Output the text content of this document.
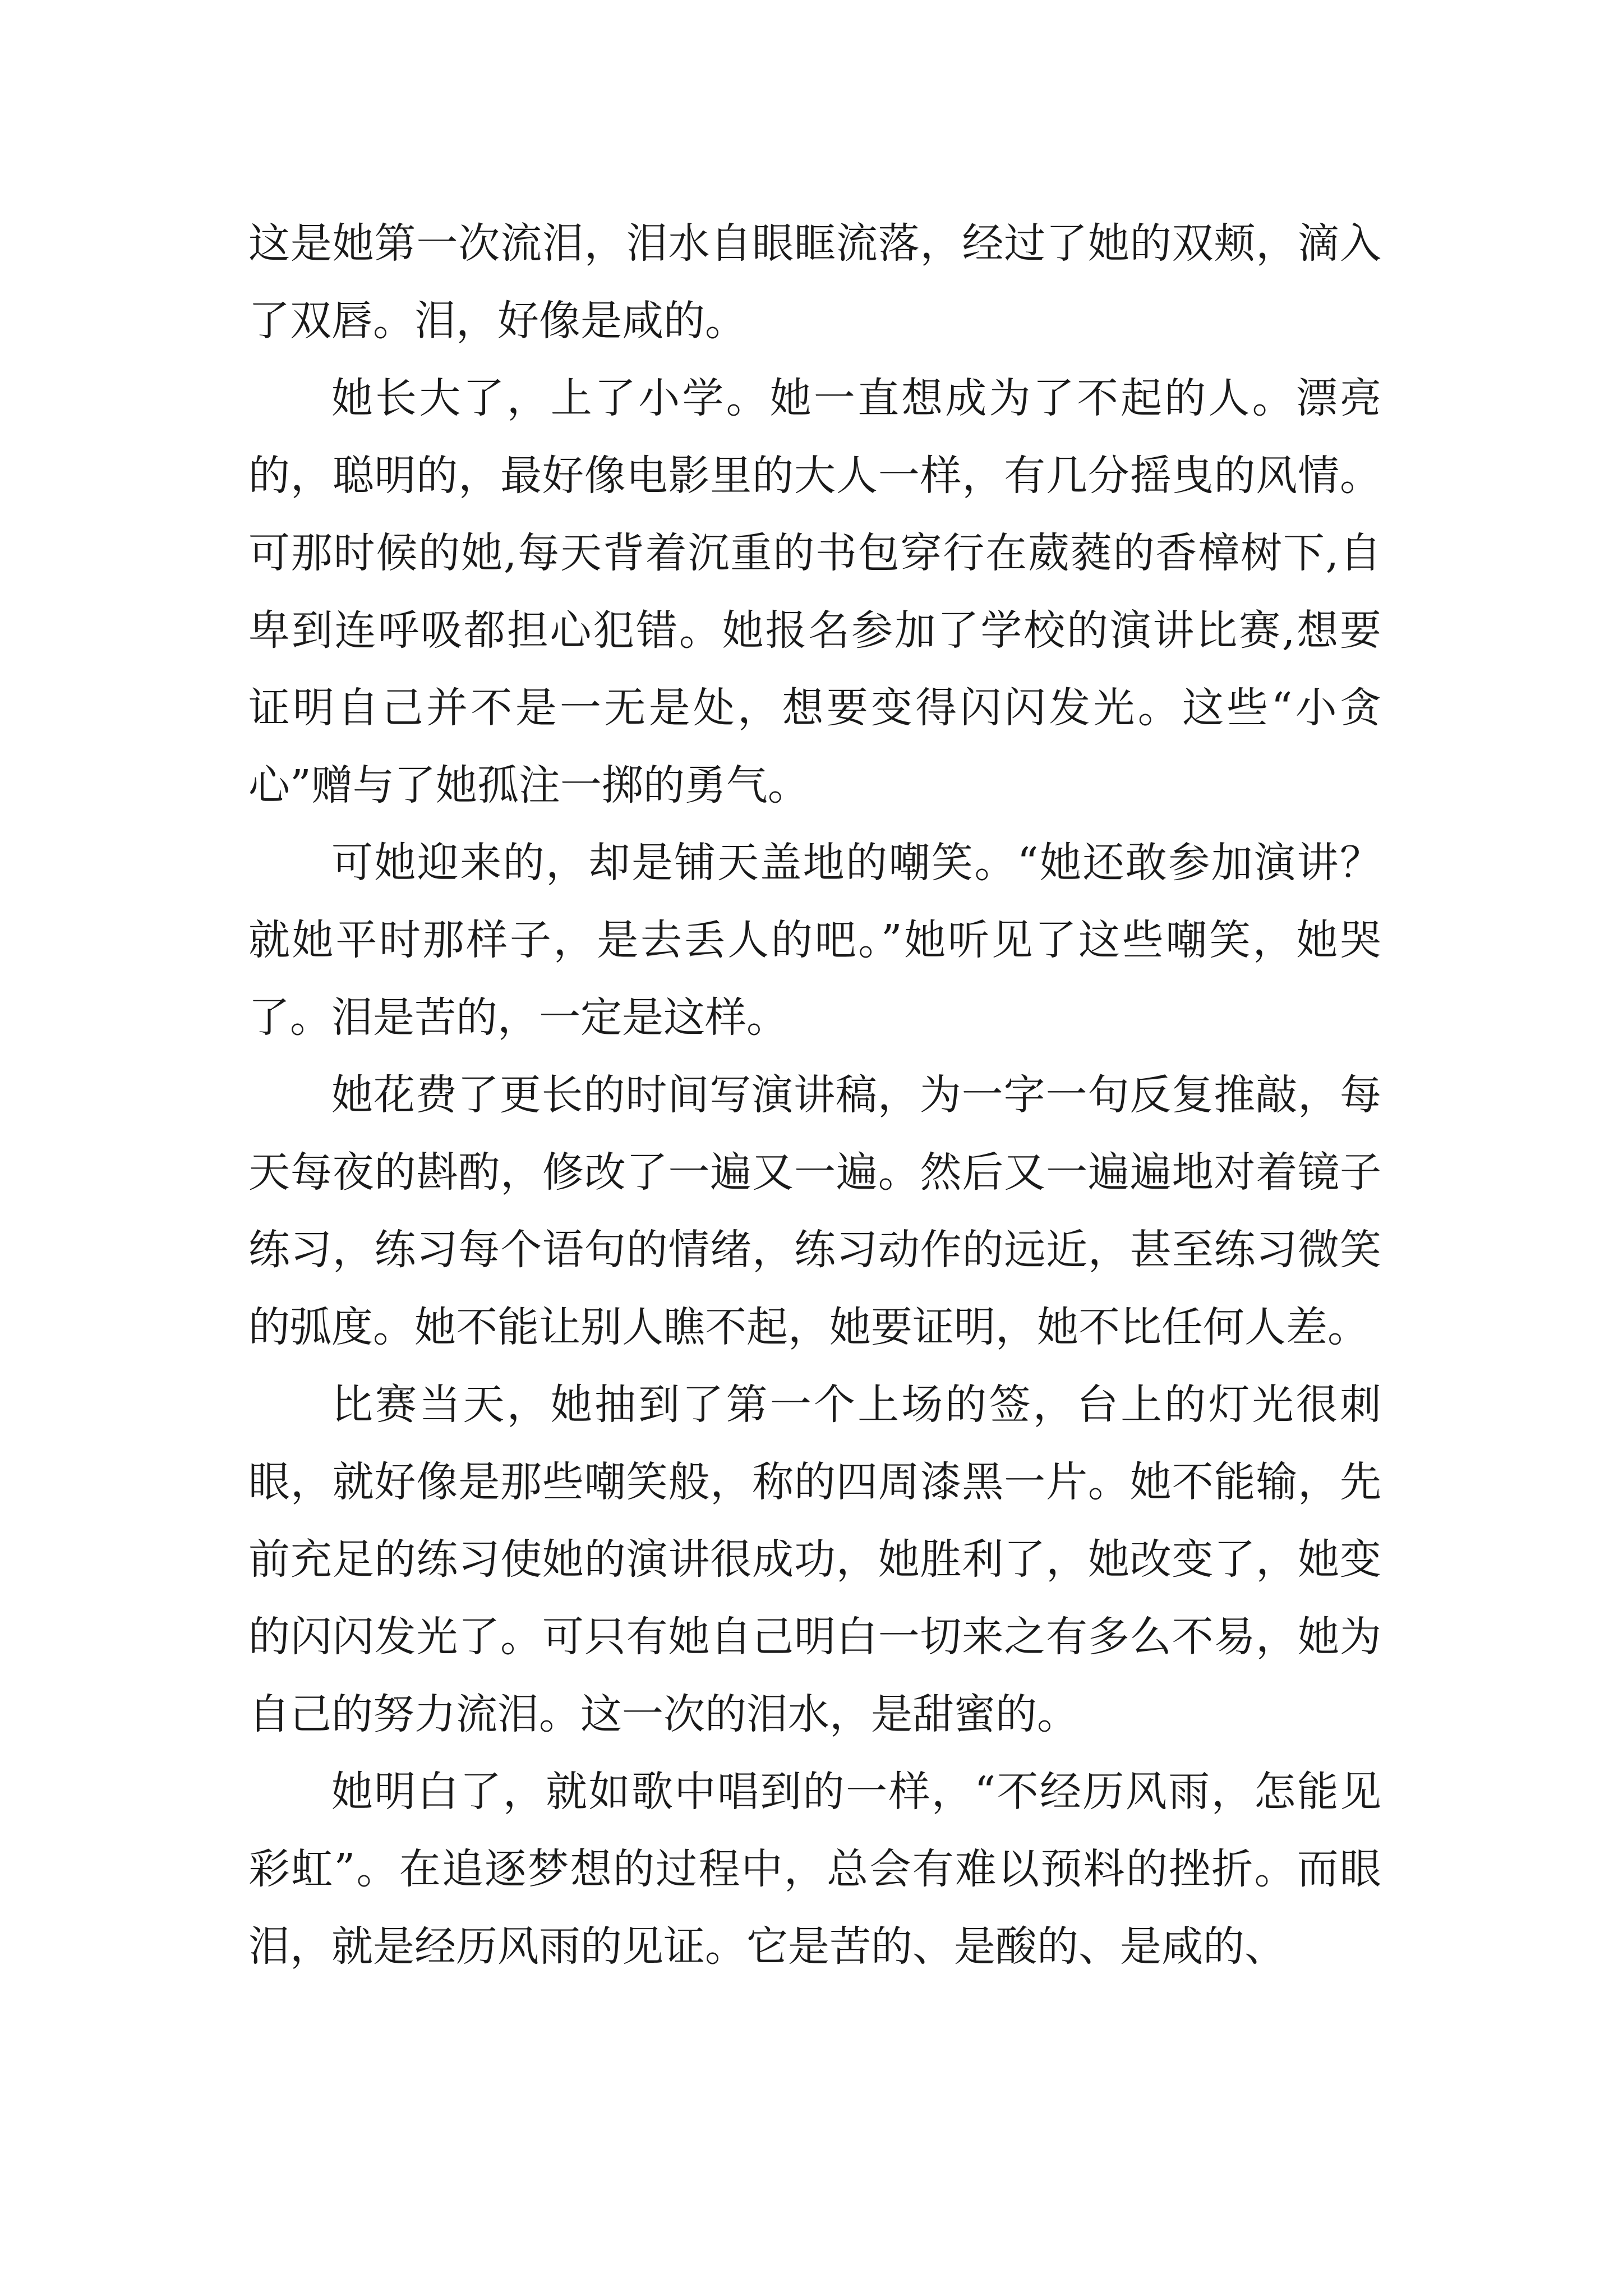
这是她第一次流泪，泪水自眼眶流落，经过了她的双颊，滴入了双唇。泪，好像是咸的。

她长大了，上了小学。她一直想成为了不起的人。漂亮的，聪明的，最好像电影里的大人一样，有几分摇曳的风情。可那时候的她,每天背着沉重的书包穿行在葳蕤的香樟树下,自卑到连呼吸都担心犯错。她报名参加了学校的演讲比赛,想要证明自己并不是一无是处，想要变得闪闪发光。这些“小贪心”赠与了她孤注一掷的勇气。

可她迎来的，却是铺天盖地的嘲笑。“她还敢参加演讲？就她平时那样子，是去丢人的吧。”她听见了这些嘲笑，她哭了。泪是苦的，一定是这样。

她花费了更长的时间写演讲稿，为一字一句反复推敲，每天每夜的斟酌，修改了一遍又一遍。然后又一遍遍地对着镜子练习，练习每个语句的情绪，练习动作的远近，甚至练习微笑的弧度。她不能让别人瞧不起，她要证明，她不比任何人差。

比赛当天，她抽到了第一个上场的签，台上的灯光很刺眼，就好像是那些嘲笑般，称的四周漆黑一片。她不能输，先前充足的练习使她的演讲很成功，她胜利了，她改变了，她变的闪闪发光了。可只有她自己明白一切来之有多么不易，她为自己的努力流泪。这一次的泪水，是甜蜜的。

她明白了，就如歌中唱到的一样，“不经历风雨，怎能见彩虹”。在追逐梦想的过程中，总会有难以预料的挫折。而眼泪，就是经历风雨的见证。它是苦的、是酸的、是咸的、
